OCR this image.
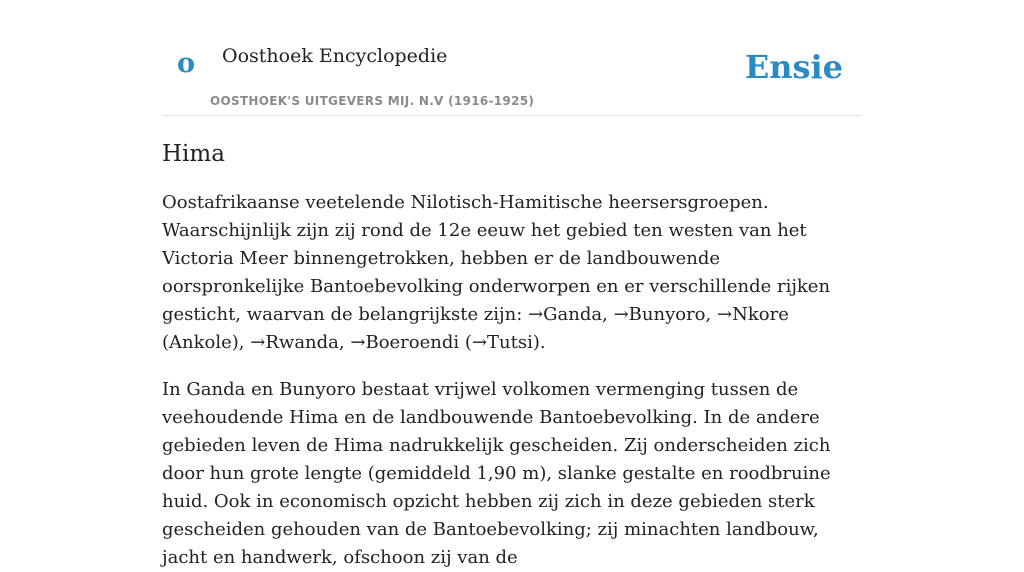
o Oosthoek Encyclopedie
OOSTHOEK'S UITGEVERS MIJ. N.V (1916-1925)
Ensie
Hima

Oostafrikaanse veetelende Nilotisch-Hamitische heersersgroepen. Waarschijnlijk zijn zij rond de 12e eeuw het gebied ten westen van het Victoria Meer binnengetrokken, hebben er de landbouwende oorspronkelijke Bantoebevolking onderworpen en er verschillende rijken gesticht, waarvan de belangrijkste zijn: →Ganda, →Bunyoro, →Nkore (Ankole), →Rwanda, →Boeroendi (→Tutsi).

In Ganda en Bunyoro bestaat vrijwel volkomen vermenging tussen de veehoudende Hima en de landbouwende Bantoebevolking. In de andere gebieden leven de Hima nadrukkelijk gescheiden. Zij onderscheiden zich door hun grote lengte (gemiddeld 1,90 m), slanke gestalte en roodbruine huid. Ook in economisch opzicht hebben zij zich in deze gebieden sterk gescheiden gehouden van de Bantoebevolking; zij minachten landbouw, jacht en handwerk, ofschoon zij van de
